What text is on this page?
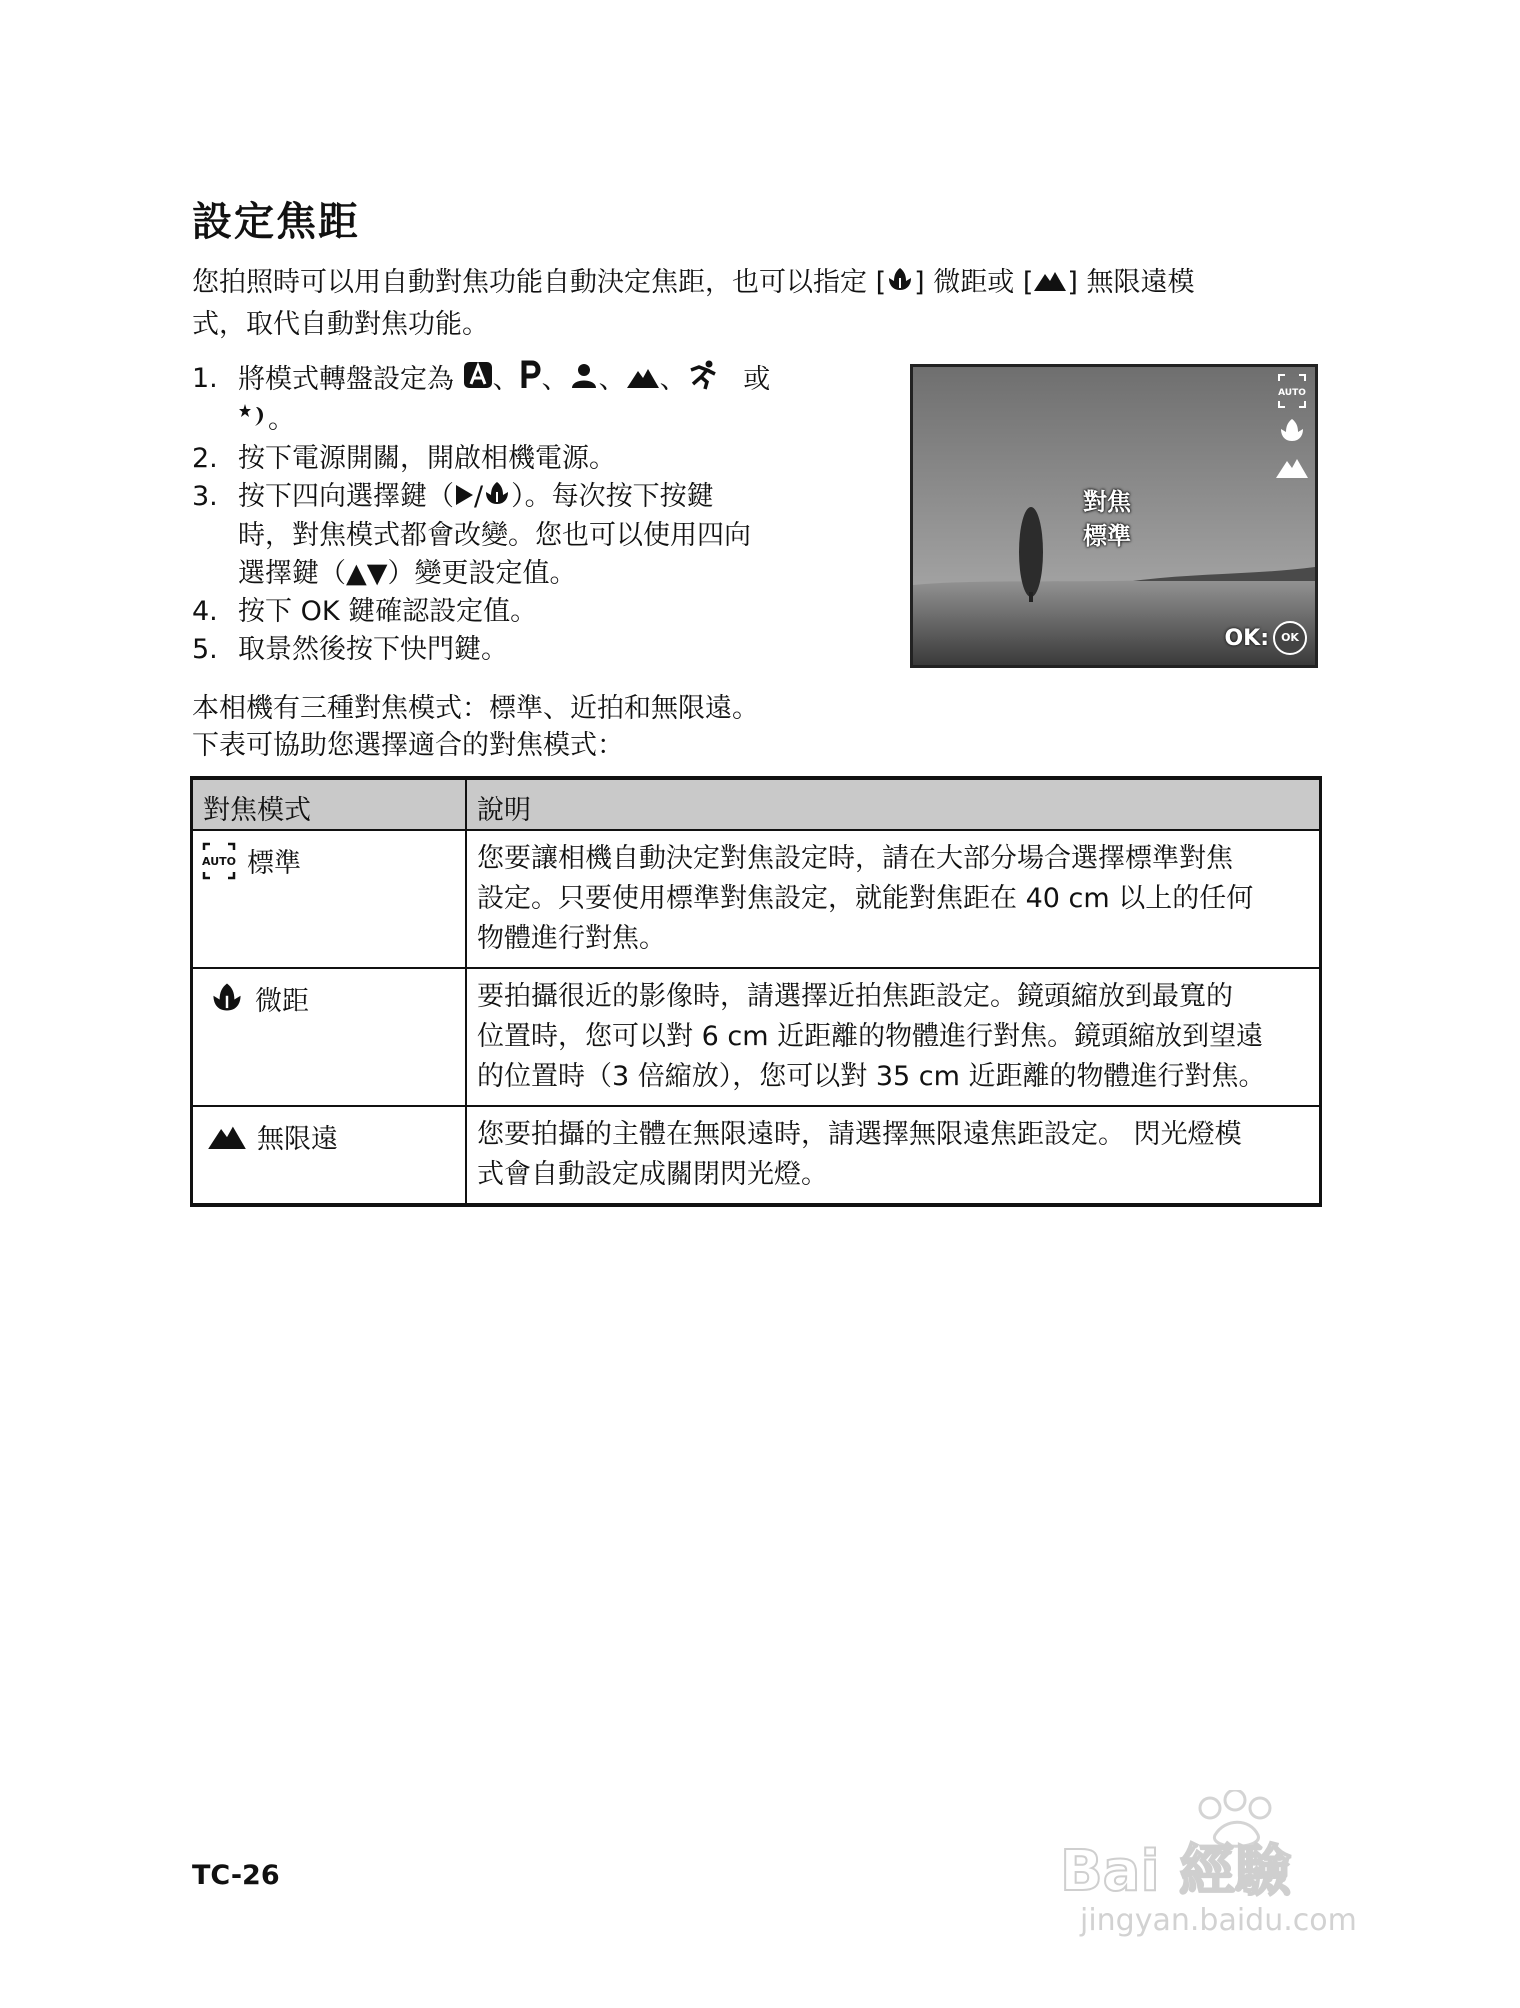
設定焦距
您拍照時可以用自動對焦功能自動決定焦距，也可以指定 [ ] 微距或 [ ] 無限遠模
式，取代自動對焦功能。
1. 將模式轉盤設定為 、 、 、 、 或
。
2. 按下電源開關，開啟相機電源。
3. 按下四向選擇鍵（ / ）。每次按下按鍵
時，對焦模式都會改變。您也可以使用四向
選擇鍵（▲▼）變更設定值。
4. 按下 OK 鍵確認設定值。
5. 取景然後按下快門鍵。
AUTO
對焦
標準
OK:	OK
本相機有三種對焦模式：標準、近拍和無限遠。
下表可協助您選擇適合的對焦模式：
對焦模式	說明

AUTO 標準	您要讓相機自動決定對焦設定時，請在大部分場合選擇標準對焦
設定。只要使用標準對焦設定，就能對焦距在 40 cm 以上的任何
物體進行對焦。

微距	要拍攝很近的影像時，請選擇近拍焦距設定。鏡頭縮放到最寬的
位置時，您可以對 6 cm 近距離的物體進行對焦。鏡頭縮放到望遠
的位置時（3 倍縮放），您可以對 35 cm 近距離的物體進行對焦。

無限遠	您要拍攝的主體在無限遠時，請選擇無限遠焦距設定。 閃光燈模
式會自動設定成關閉閃光燈。
TC-26	Bai 經驗
jingyan.baidu.com
